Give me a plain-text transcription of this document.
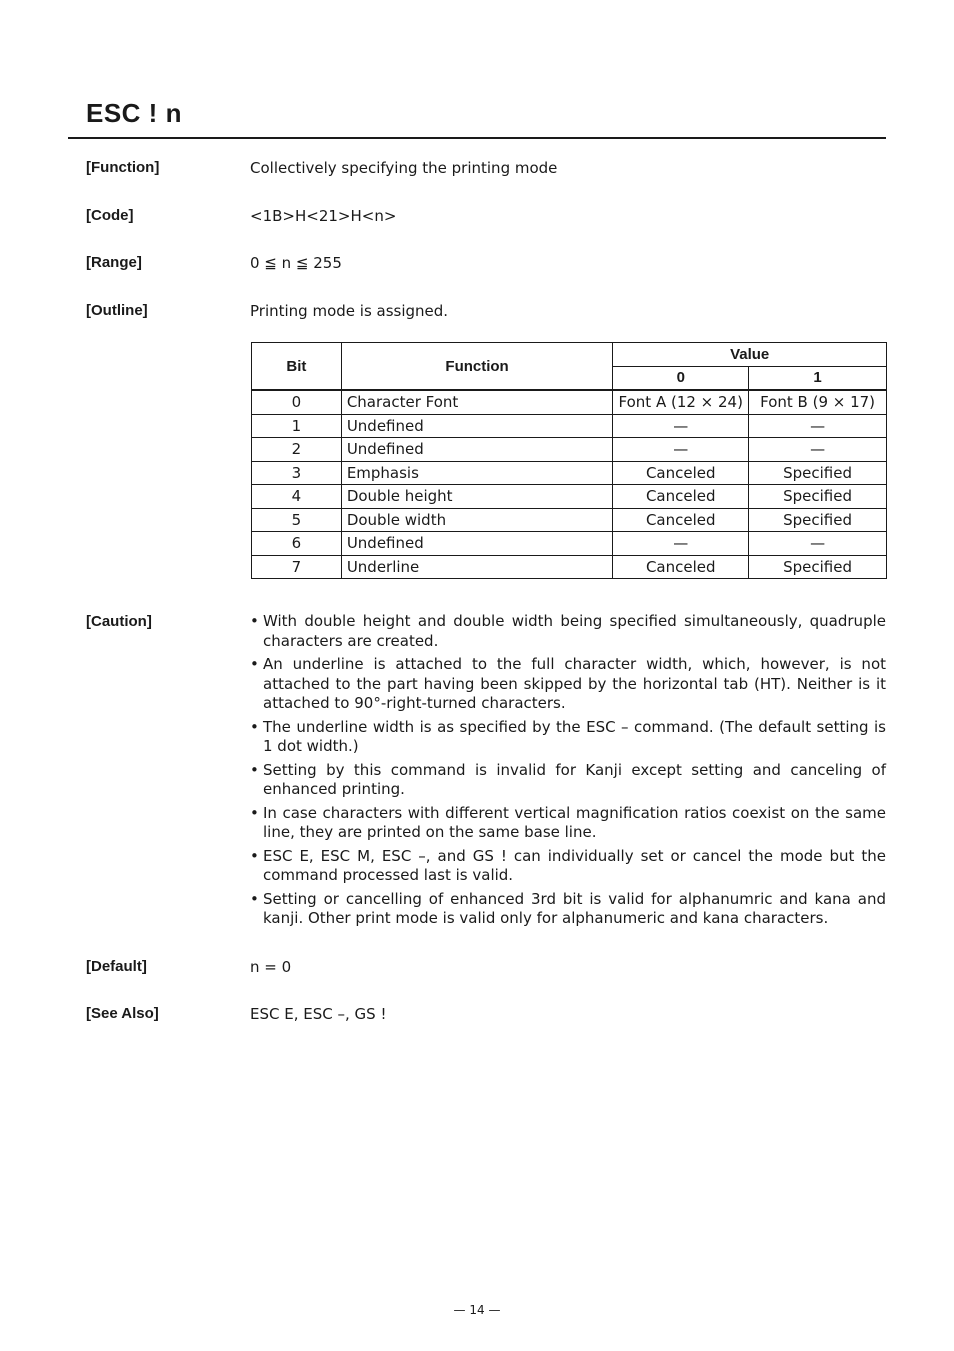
ESC ! n
[Function]	Collectively specifying the printing mode
[Code]	<1B>H<21>H<n>
[Range]	0 ≦ n ≦ 255
[Outline]	Printing mode is assigned.
Bit	Function	Value	
		0	1
0	Character Font	Font A (12 × 24)	Font B (9 × 17)
1	Undefined	—	—
2	Undefined	—	—
3	Emphasis	Canceled	Specified
4	Double height	Canceled	Specified
5	Double width	Canceled	Specified
6	Undefined	—	—
7	Underline	Canceled	Specified
[Caution]	• With double height and double width being specified simultaneously, quadruple characters are created.
• An underline is attached to the full character width, which, however, is not attached to the part having been skipped by the horizontal tab (HT). Neither is it attached to 90°-right-turned characters.
• The underline width is as specified by the ESC – command. (The default setting is 1 dot width.)
• Setting by this command is invalid for Kanji except setting and canceling of enhanced printing.
• In case characters with different vertical magnification ratios coexist on the same line, they are printed on the same base line.
• ESC E, ESC M, ESC –, and GS ! can individually set or cancel the mode but the command processed last is valid.
• Setting or cancelling of enhanced 3rd bit is valid for alphanumric and kana and kanji. Other print mode is valid only for alphanumeric and kana characters.
[Default]	n = 0
[See Also]	ESC E, ESC –, GS !
— 14 —
